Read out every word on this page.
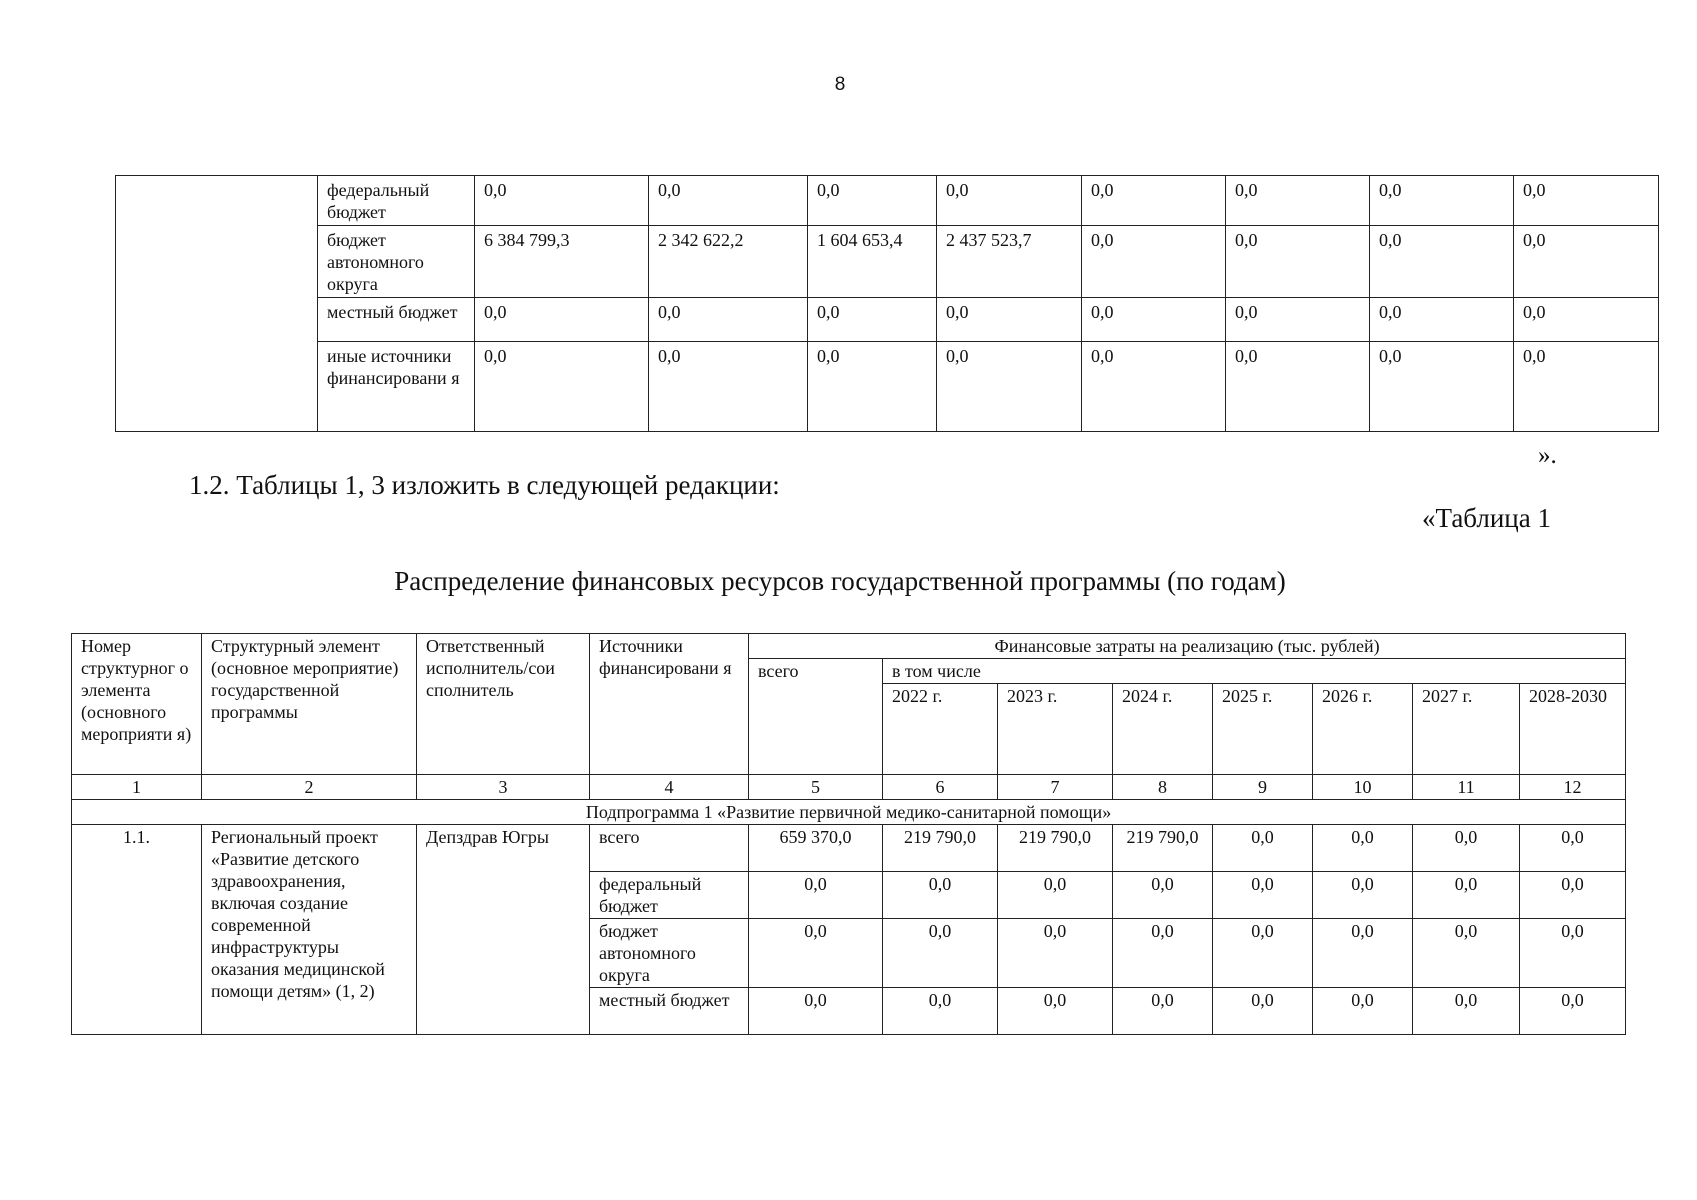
8
	федеральный бюджет	0,0	0,0	0,0	0,0	0,0	0,0	0,0	0,0
	бюджет автономного округа	6 384 799,3	2 342 622,2	1 604 653,4	2 437 523,7	0,0	0,0	0,0	0,0
	местный бюджет	0,0	0,0	0,0	0,0	0,0	0,0	0,0	0,0
	иные источники финансировани я	0,0	0,0	0,0	0,0	0,0	0,0	0,0	0,0
».
1.2. Таблицы 1, 3 изложить в следующей редакции:
«Таблица 1
Распределение финансовых ресурсов государственной программы (по годам)
Номер структурног о элемента (основного мероприяти я)	Структурный элемент (основное мероприятие) государственной программы	Ответственный исполнитель/сои сполнитель	Источники финансировани я	Финансовые затраты на реализацию (тыс. рублей)							
				всего	в том числе						
					2022 г.	2023 г.	2024 г.	2025 г.	2026 г.	2027 г.	2028-2030
1	2	3	4	5	6	7	8	9	10	11	12
Подпрограмма 1 «Развитие первичной медико-санитарной помощи»											
1.1.	Региональный проект «Развитие детского здравоохранения, включая создание современной инфраструктуры оказания медицинской помощи детям» (1, 2)	Депздрав Югры	всего	659 370,0	219 790,0	219 790,0	219 790,0	0,0	0,0	0,0	0,0
			федеральный бюджет	0,0	0,0	0,0	0,0	0,0	0,0	0,0	0,0
			бюджет автономного округа	0,0	0,0	0,0	0,0	0,0	0,0	0,0	0,0
			местный бюджет	0,0	0,0	0,0	0,0	0,0	0,0	0,0	0,0
